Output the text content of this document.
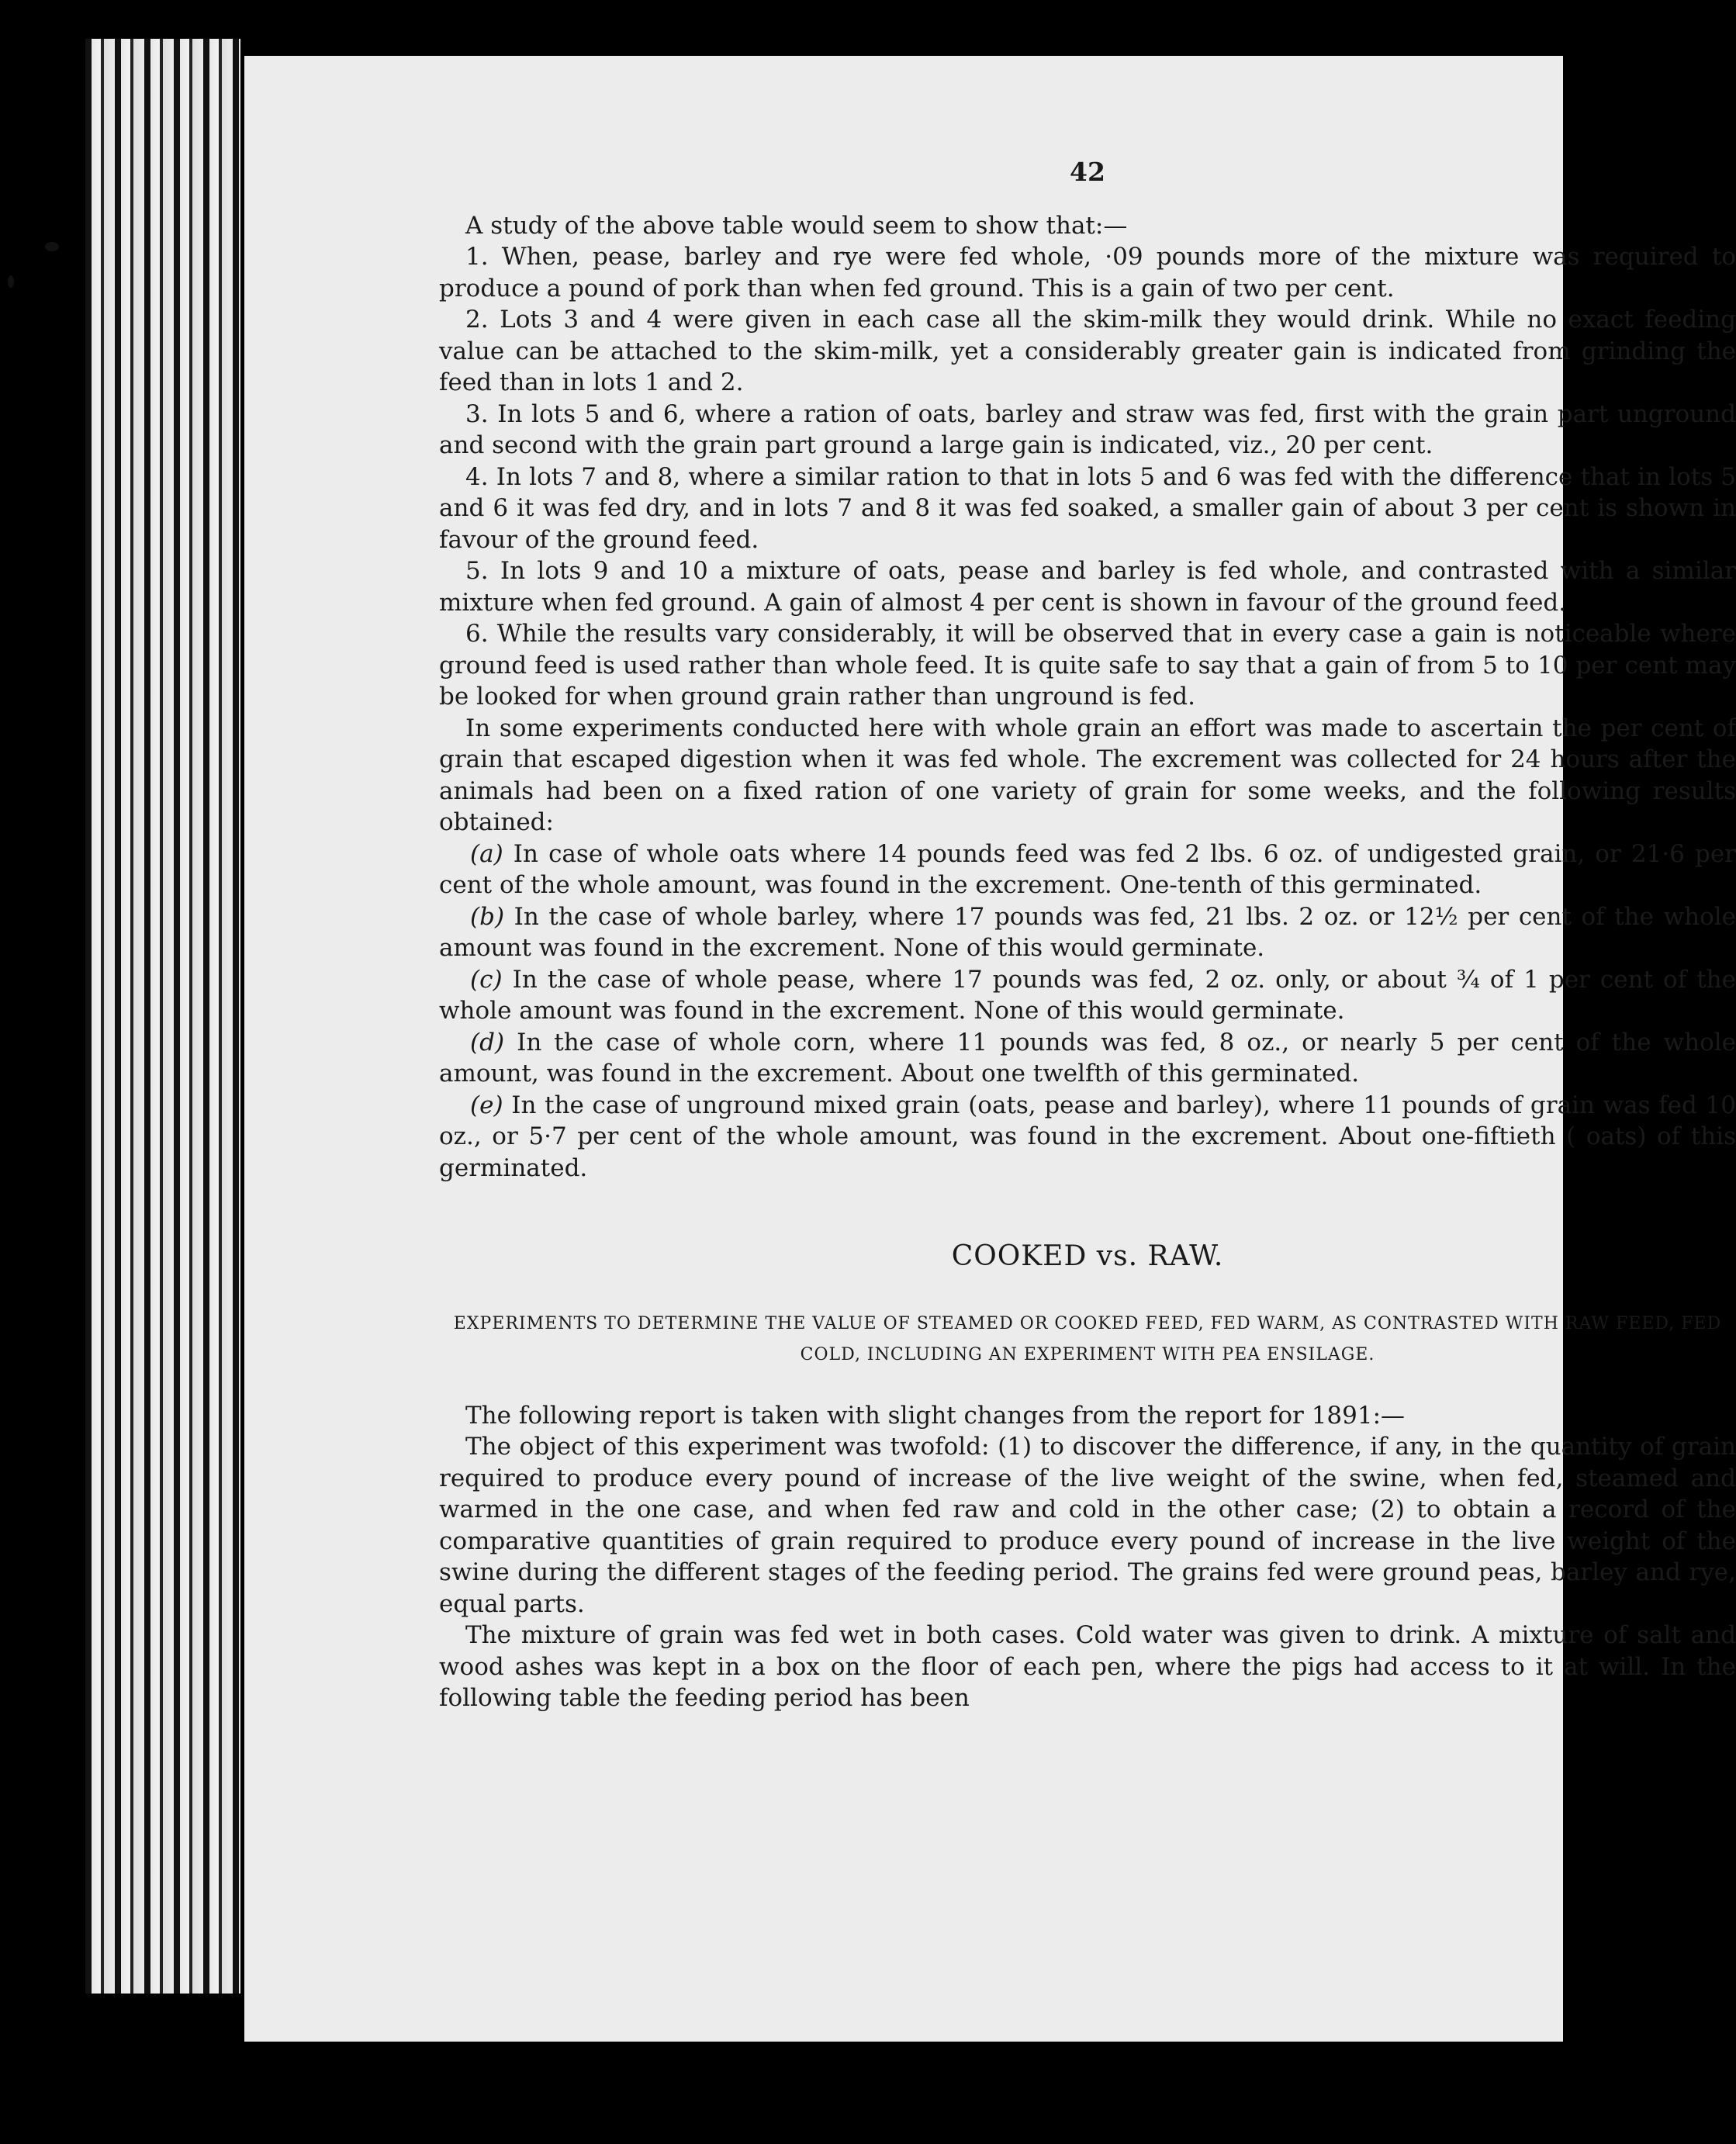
42

A study of the above table would seem to show that:—

1. When, pease, barley and rye were fed whole, ·09 pounds more of the mixture was required to produce a pound of pork than when fed ground. This is a gain of two per cent.

2. Lots 3 and 4 were given in each case all the skim-milk they would drink. While no exact feeding value can be attached to the skim-milk, yet a considerably greater gain is indicated from grinding the feed than in lots 1 and 2.

3. In lots 5 and 6, where a ration of oats, barley and straw was fed, first with the grain part unground and second with the grain part ground a large gain is indicated, viz., 20 per cent.

4. In lots 7 and 8, where a similar ration to that in lots 5 and 6 was fed with the difference that in lots 5 and 6 it was fed dry, and in lots 7 and 8 it was fed soaked, a smaller gain of about 3 per cent is shown in favour of the ground feed.

5. In lots 9 and 10 a mixture of oats, pease and barley is fed whole, and contrasted with a similar mixture when fed ground. A gain of almost 4 per cent is shown in favour of the ground feed.

6. While the results vary considerably, it will be observed that in every case a gain is noticeable where ground feed is used rather than whole feed. It is quite safe to say that a gain of from 5 to 10 per cent may be looked for when ground grain rather than unground is fed.

In some experiments conducted here with whole grain an effort was made to ascertain the per cent of grain that escaped digestion when it was fed whole. The excrement was collected for 24 hours after the animals had been on a fixed ration of one variety of grain for some weeks, and the following results obtained:

(a) In case of whole oats where 14 pounds feed was fed 2 lbs. 6 oz. of undigested grain, or 21·6 per cent of the whole amount, was found in the excrement. One-tenth of this germinated.

(b) In the case of whole barley, where 17 pounds was fed, 21 lbs. 2 oz. or 12½ per cent of the whole amount was found in the excrement. None of this would germinate.

(c) In the case of whole pease, where 17 pounds was fed, 2 oz. only, or about ¾ of 1 per cent of the whole amount was found in the excrement. None of this would germinate.

(d) In the case of whole corn, where 11 pounds was fed, 8 oz., or nearly 5 per cent of the whole amount, was found in the excrement. About one twelfth of this germinated.

(e) In the case of unground mixed grain (oats, pease and barley), where 11 pounds of grain was fed 10 oz., or 5·7 per cent of the whole amount, was found in the excrement. About one-fiftieth ( oats) of this germinated.

COOKED vs. RAW.
EXPERIMENTS TO DETERMINE THE VALUE OF STEAMED OR COOKED FEED, FED WARM, AS CONTRASTED WITH RAW FEED, FED COLD, INCLUDING AN EXPERIMENT WITH PEA ENSILAGE.

The following report is taken with slight changes from the report for 1891:—

The object of this experiment was twofold: (1) to discover the difference, if any, in the quantity of grain required to produce every pound of increase of the live weight of the swine, when fed, steamed and warmed in the one case, and when fed raw and cold in the other case; (2) to obtain a record of the comparative quantities of grain required to produce every pound of increase in the live weight of the swine during the different stages of the feeding period. The grains fed were ground peas, barley and rye, equal parts.

The mixture of grain was fed wet in both cases. Cold water was given to drink. A mixture of salt and wood ashes was kept in a box on the floor of each pen, where the pigs had access to it at will. In the following table the feeding period has been
